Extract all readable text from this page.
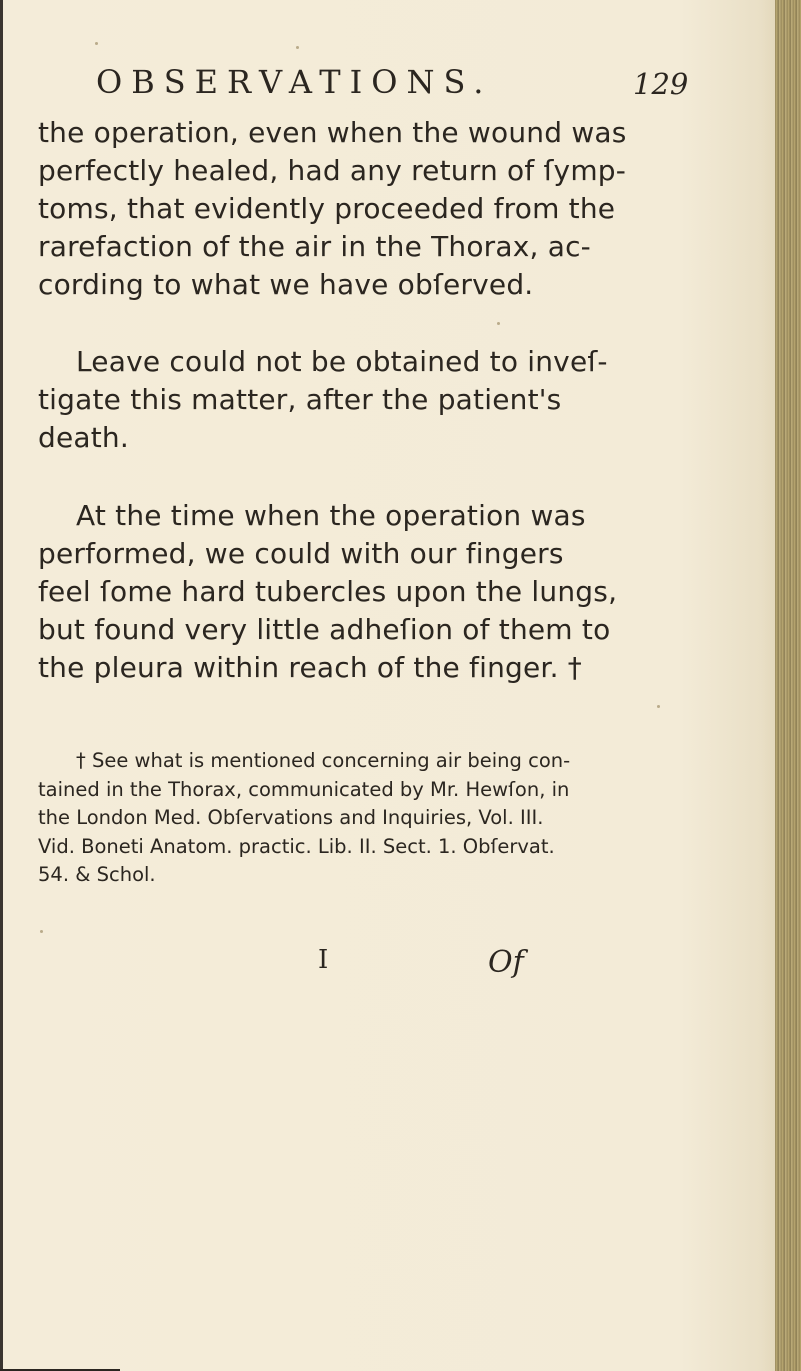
OBSERVATIONS.	129

the operation, even when the wound was
perfectly healed, had any return of ſymp-
toms, that evidently proceeded from the
rarefaction of the air in the Thorax, ac-
cording to what we have obſerved.

Leave could not be obtained to inveſ-
tigate this matter, after the patient's
death.

At the time when the operation was
performed, we could with our fingers
feel ſome hard tubercles upon the lungs,
but found very little adheſion of them to
the pleura within reach of the finger. †

† See what is mentioned concerning air being con-
tained in the Thorax, communicated by Mr. Hewſon, in
the London Med. Obſervations and Inquiries, Vol. III.
Vid. Boneti Anatom. practic. Lib. II. Sect. 1. Obſervat.
54. & Schol.
I	Of
